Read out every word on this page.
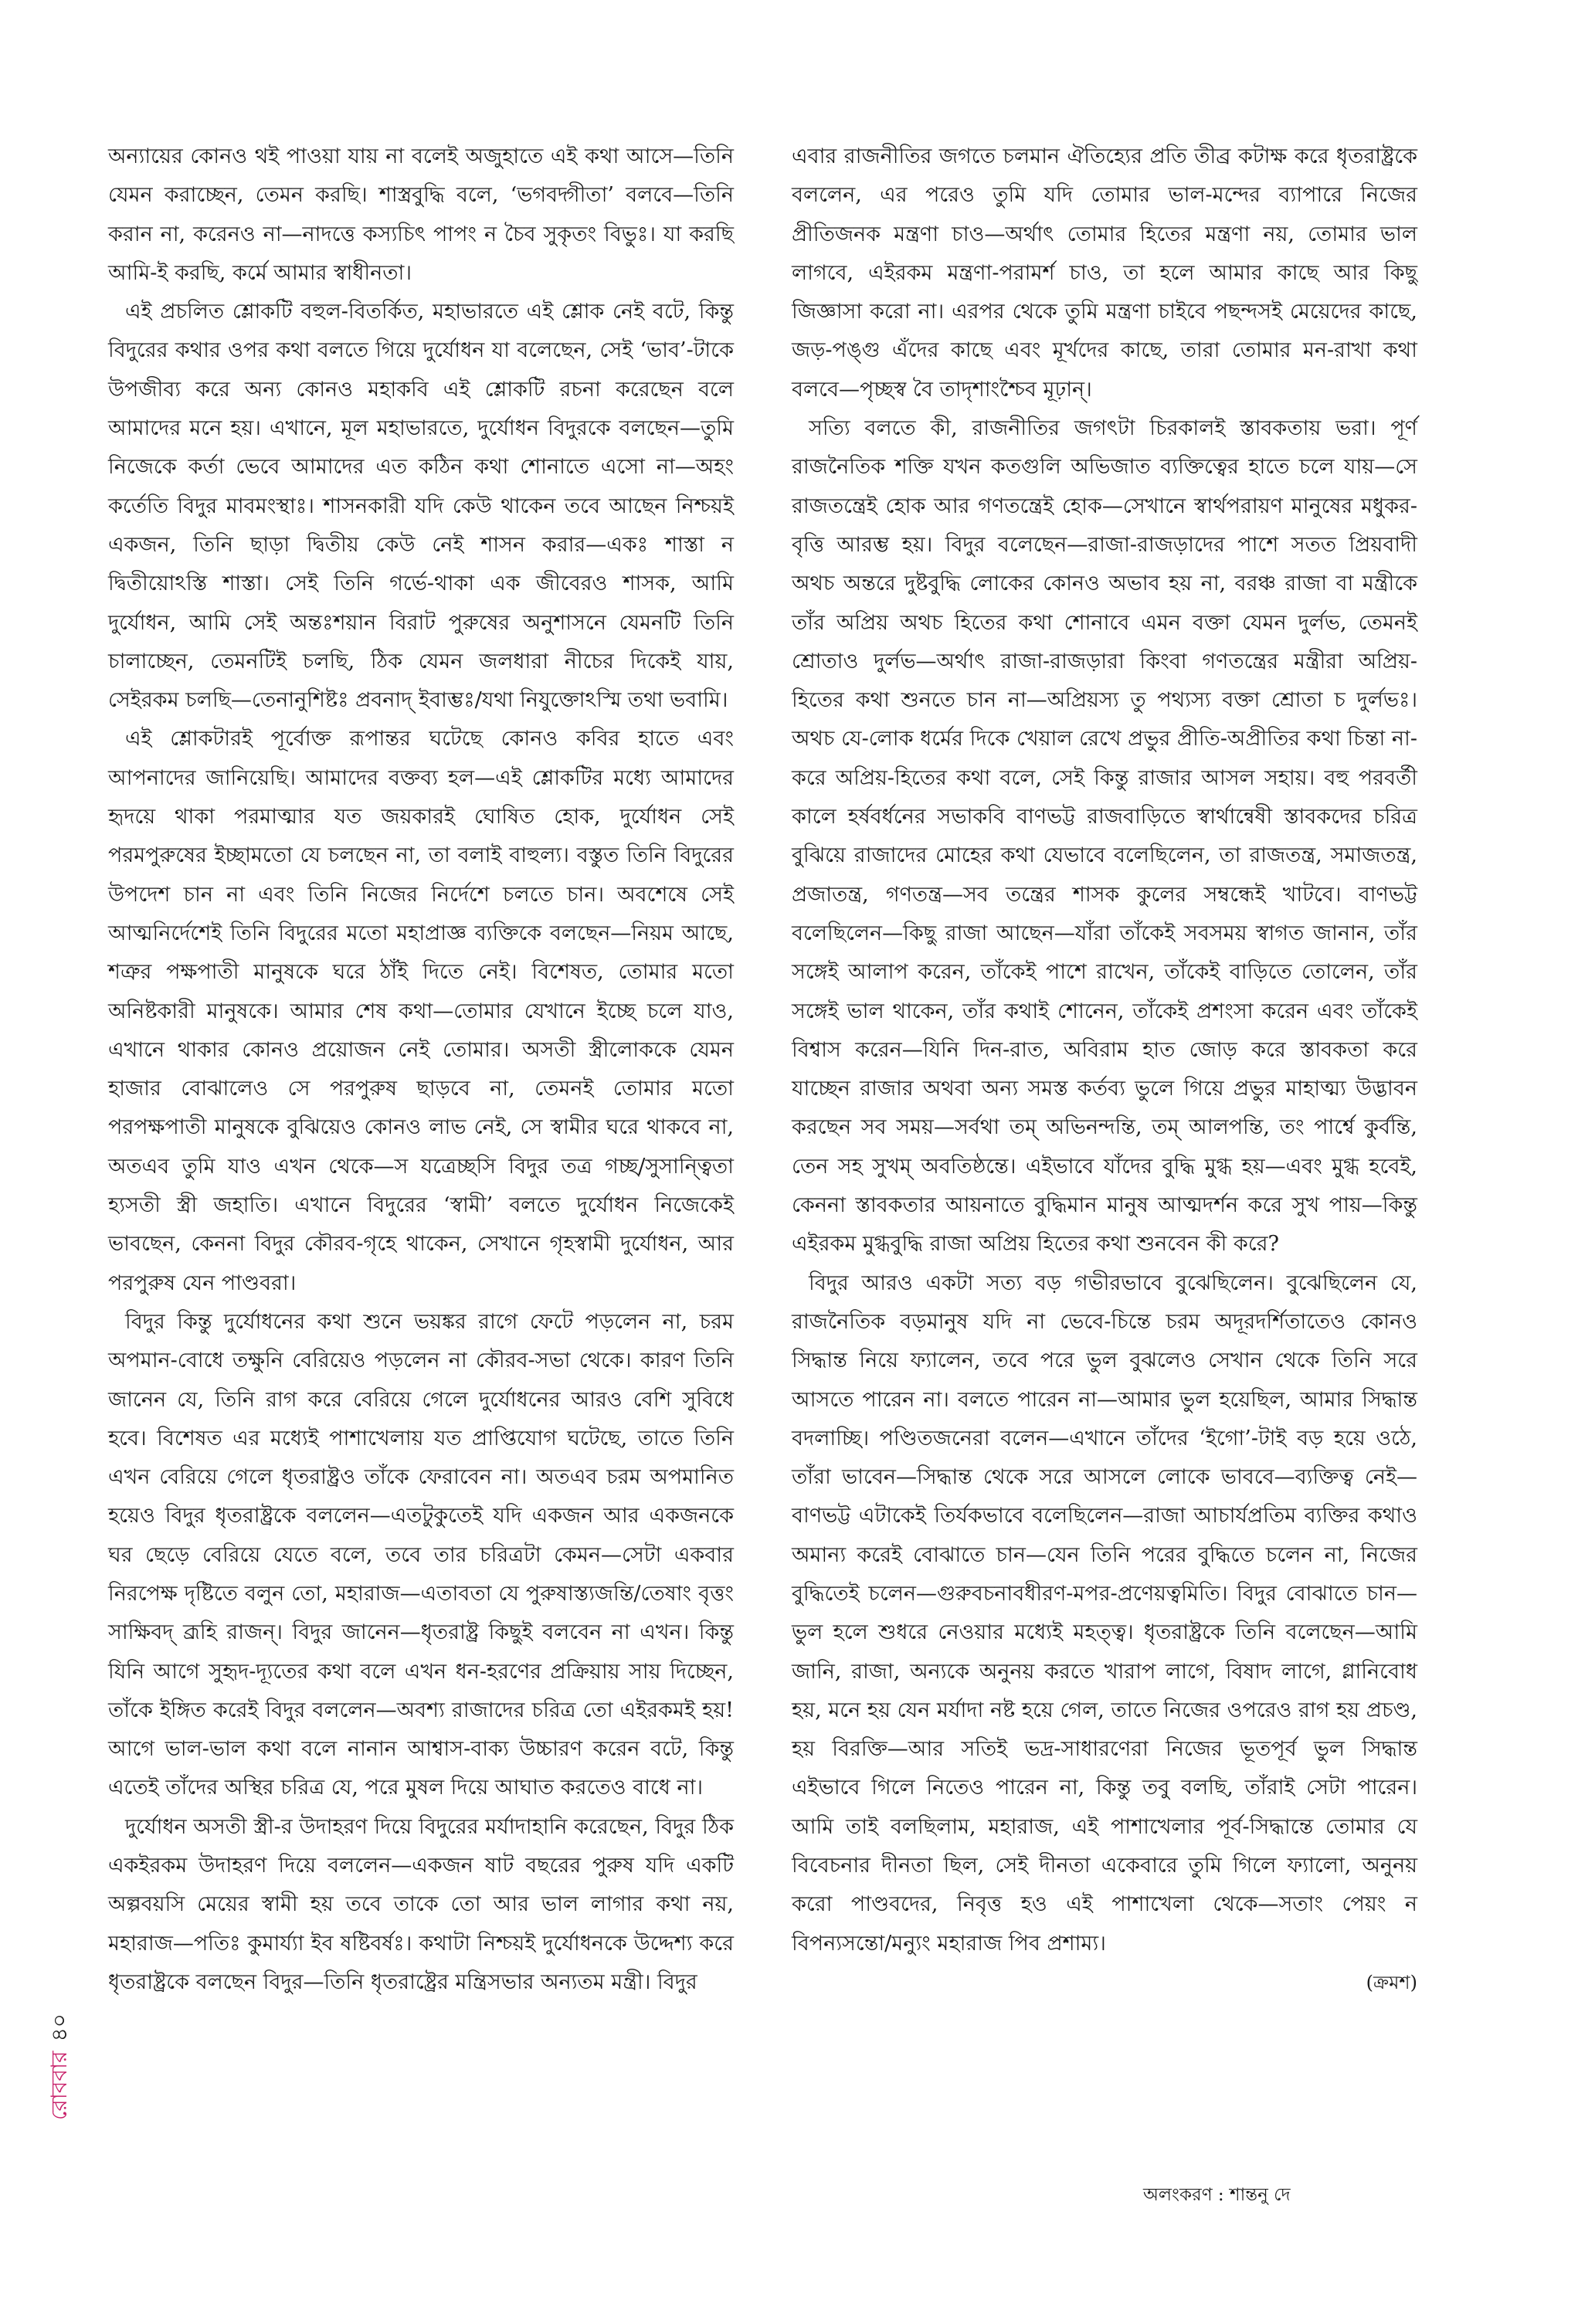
অন্যায়ের কোনও থই পাওয়া যায় না বলেই অজুহাতে এই কথা আসে—তিনি যেমন করাচ্ছেন, তেমন করছি। শাস্ত্রবুদ্ধি বলে, ‘ভগবদ্গীতা’ বলবে—তিনি করান না, করেনও না—নাদত্তে কস্যচিৎ পাপং ন চৈব সুকৃতং বিভুঃ। যা করছি আমি-ই করছি, কর্মে আমার স্বাধীনতা।

এই প্রচলিত শ্লোকটি বহুল-বিতর্কিত, মহাভারতে এই শ্লোক নেই বটে, কিন্তু বিদুরের কথার ওপর কথা বলতে গিয়ে দুর্যোধন যা বলেছেন, সেই ‘ভাব’-টাকে উপজীব্য করে অন্য কোনও মহাকবি এই শ্লোকটি রচনা করেছেন বলে আমাদের মনে হয়। এখানে, মূল মহাভারতে, দুর্যোধন বিদুরকে বলছেন—তুমি নিজেকে কর্তা ভেবে আমাদের এত কঠিন কথা শোনাতে এসো না—অহং কর্তেতি বিদুর মাবমংস্থাঃ। শাসনকারী যদি কেউ থাকেন তবে আছেন নিশ্চয়ই একজন, তিনি ছাড়া দ্বিতীয় কেউ নেই শাসন করার—একঃ শাস্তা ন দ্বিতীয়োঽস্তি শাস্তা। সেই তিনি গর্ভে-থাকা এক জীবেরও শাসক, আমি দুর্যোধন, আমি সেই অন্তঃশয়ান বিরাট পুরুষের অনুশাসনে যেমনটি তিনি চালাচ্ছেন, তেমনটিই চলছি, ঠিক যেমন জলধারা নীচের দিকেই যায়, সেইরকম চলছি—তেনানুশিষ্টঃ প্রবনাদ্‌ ইবাম্ভঃ/যথা নিযুক্তোঽস্মি তথা ভবামি।

এই শ্লোকটারই পূর্বোক্ত রূপান্তর ঘটেছে কোনও কবির হাতে এবং আপনাদের জানিয়েছি। আমাদের বক্তব্য হল—এই শ্লোকটির মধ্যে আমাদের হৃদয়ে থাকা পরমাত্মার যত জয়কারই ঘোষিত হোক, দুর্যোধন সেই পরমপুরুষের ইচ্ছামতো যে চলছেন না, তা বলাই বাহুল্য। বস্তুত তিনি বিদুরের উপদেশ চান না এবং তিনি নিজের নির্দেশে চলতে চান। অবশেষে সেই আত্মনির্দেশেই তিনি বিদুরের মতো মহাপ্রাজ্ঞ ব্যক্তিকে বলছেন—নিয়ম আছে, শত্রুর পক্ষপাতী মানুষকে ঘরে ঠাঁই দিতে নেই। বিশেষত, তোমার মতো অনিষ্টকারী মানুষকে। আমার শেষ কথা—তোমার যেখানে ইচ্ছে চলে যাও, এখানে থাকার কোনও প্রয়োজন নেই তোমার। অসতী স্ত্রীলোককে যেমন হাজার বোঝালেও সে পরপুরুষ ছাড়বে না, তেমনই তোমার মতো পরপক্ষপাতী মানুষকে বুঝিয়েও কোনও লাভ নেই, সে স্বামীর ঘরে থাকবে না, অতএব তুমি যাও এখন থেকে—স যত্রেচ্ছসি বিদুর তত্র গচ্ছ/সুসান্ত্বিতা হ্যসতী স্ত্রী জহাতি। এখানে বিদুরের ‘স্বামী’ বলতে দুর্যোধন নিজেকেই ভাবছেন, কেননা বিদুর কৌরব-গৃহে থাকেন, সেখানে গৃহস্বামী দুর্যোধন, আর পরপুরুষ যেন পাণ্ডবরা।

বিদুর কিন্তু দুর্যোধনের কথা শুনে ভয়ঙ্কর রাগে ফেটে পড়লেন না, চরম অপমান-বোধে তক্ষুনি বেরিয়েও পড়লেন না কৌরব-সভা থেকে। কারণ তিনি জানেন যে, তিনি রাগ করে বেরিয়ে গেলে দুর্যোধনের আরও বেশি সুবিধে হবে। বিশেষত এর মধ্যেই পাশাখেলায় যত প্রাপ্তিযোগ ঘটেছে, তাতে তিনি এখন বেরিয়ে গেলে ধৃতরাষ্ট্রও তাঁকে ফেরাবেন না। অতএব চরম অপমানিত হয়েও বিদুর ধৃতরাষ্ট্রকে বললেন—এতটুকুতেই যদি একজন আর একজনকে ঘর ছেড়ে বেরিয়ে যেতে বলে, তবে তার চরিত্রটা কেমন—সেটা একবার নিরপেক্ষ দৃষ্টিতে বলুন তো, মহারাজ—এতাবতা যে পুরুষাস্ত্যজন্তি/তেষাং বৃত্তং সাক্ষিবদ্‌ ব্রূহি রাজন্‌। বিদুর জানেন—ধৃতরাষ্ট্র কিছুই বলবেন না এখন। কিন্তু যিনি আগে সুহৃদ-দ্যূতের কথা বলে এখন ধন-হরণের প্রক্রিয়ায় সায় দিচ্ছেন, তাঁকে ইঙ্গিত করেই বিদুর বললেন—অবশ্য রাজাদের চরিত্র তো এইরকমই হয়! আগে ভাল-ভাল কথা বলে নানান আশ্বাস-বাক্য উচ্চারণ করেন বটে, কিন্তু এতেই তাঁদের অস্থির চরিত্র যে, পরে মুষল দিয়ে আঘাত করতেও বাধে না।

দুর্যোধন অসতী স্ত্রী-র উদাহরণ দিয়ে বিদুরের মর্যাদাহানি করেছেন, বিদুর ঠিক একইরকম উদাহরণ দিয়ে বললেন—একজন ষাট বছরের পুরুষ যদি একটি অল্পবয়সি মেয়ের স্বামী হয় তবে তাকে তো আর ভাল লাগার কথা নয়, মহারাজ—পতিঃ কুমার্য্যা ইব ষষ্টিবর্ষঃ। কথাটা নিশ্চয়ই দুর্যোধনকে উদ্দেশ্য করে ধৃতরাষ্ট্রকে বলছেন বিদুর—তিনি ধৃতরাষ্ট্রের মন্ত্রিসভার অন্যতম মন্ত্রী। বিদুর

এবার রাজনীতির জগতে চলমান ঐতিহ্যের প্রতি তীব্র কটাক্ষ করে ধৃতরাষ্ট্রকে বললেন, এর পরেও তুমি যদি তোমার ভাল-মন্দের ব্যাপারে নিজের প্রীতিজনক মন্ত্রণা চাও—অর্থাৎ তোমার হিতের মন্ত্রণা নয়, তোমার ভাল লাগবে, এইরকম মন্ত্রণা-পরামর্শ চাও, তা হলে আমার কাছে আর কিছু জিজ্ঞাসা করো না। এরপর থেকে তুমি মন্ত্রণা চাইবে পছন্দসই মেয়েদের কাছে, জড়-পঙ্গু এঁদের কাছে এবং মূর্খদের কাছে, তারা তোমার মন-রাখা কথা বলবে—পৃচ্ছস্ব বৈ তাদৃশাংশ্চৈব মূঢ়ান্‌।

সত্যি বলতে কী, রাজনীতির জগৎটা চিরকালই স্তাবকতায় ভরা। পূর্ণ রাজনৈতিক শক্তি যখন কতগুলি অভিজাত ব্যক্তিত্বের হাতে চলে যায়—সে রাজতন্ত্রেই হোক আর গণতন্ত্রেই হোক—সেখানে স্বার্থপরায়ণ মানুষের মধুকর-বৃত্তি আরম্ভ হয়। বিদুর বলেছেন—রাজা-রাজড়াদের পাশে সতত প্রিয়বাদী অথচ অন্তরে দুষ্টবুদ্ধি লোকের কোনও অভাব হয় না, বরঞ্চ রাজা বা মন্ত্রীকে তাঁর অপ্রিয় অথচ হিতের কথা শোনাবে এমন বক্তা যেমন দুর্লভ, তেমনই শ্রোতাও দুর্লভ—অর্থাৎ রাজা-রাজড়ারা কিংবা গণতন্ত্রের মন্ত্রীরা অপ্রিয়-হিতের কথা শুনতে চান না—অপ্রিয়স্য তু পথ্যস্য বক্তা শ্রোতা চ দুর্লভঃ। অথচ যে-লোক ধর্মের দিকে খেয়াল রেখে প্রভুর প্রীতি-অপ্রীতির কথা চিন্তা না-করে অপ্রিয়-হিতের কথা বলে, সেই কিন্তু রাজার আসল সহায়। বহু পরবর্তী কালে হর্ষবর্ধনের সভাকবি বাণভট্ট রাজবাড়িতে স্বার্থান্বেষী স্তাবকদের চরিত্র বুঝিয়ে রাজাদের মোহের কথা যেভাবে বলেছিলেন, তা রাজতন্ত্র, সমাজতন্ত্র, প্রজাতন্ত্র, গণতন্ত্র—সব তন্ত্রের শাসক কুলের সম্বন্ধেই খাটবে। বাণভট্ট বলেছিলেন—কিছু রাজা আছেন—যাঁরা তাঁকেই সবসময় স্বাগত জানান, তাঁর সঙ্গেই আলাপ করেন, তাঁকেই পাশে রাখেন, তাঁকেই বাড়িতে তোলেন, তাঁর সঙ্গেই ভাল থাকেন, তাঁর কথাই শোনেন, তাঁকেই প্রশংসা করেন এবং তাঁকেই বিশ্বাস করেন—যিনি দিন-রাত, অবিরাম হাত জোড় করে স্তাবকতা করে যাচ্ছেন রাজার অথবা অন্য সমস্ত কর্তব্য ভুলে গিয়ে প্রভুর মাহাত্ম্য উদ্ভাবন করছেন সব সময়—সর্বথা তম্‌ অভিনন্দন্তি, তম্‌ আলপন্তি, তং পার্শ্বে কুর্বন্তি, তেন সহ সুখম্‌ অবতিষ্ঠন্তে। এইভাবে যাঁদের বুদ্ধি মুগ্ধ হয়—এবং মুগ্ধ হবেই, কেননা স্তাবকতার আয়নাতে বুদ্ধিমান মানুষ আত্মদর্শন করে সুখ পায়—কিন্তু এইরকম মুগ্ধবুদ্ধি রাজা অপ্রিয় হিতের কথা শুনবেন কী করে?

বিদুর আরও একটা সত্য বড় গভীরভাবে বুঝেছিলেন। বুঝেছিলেন যে, রাজনৈতিক বড়মানুষ যদি না ভেবে-চিন্তে চরম অদূরদর্শিতাতেও কোনও সিদ্ধান্ত নিয়ে ফ্যালেন, তবে পরে ভুল বুঝলেও সেখান থেকে তিনি সরে আসতে পারেন না। বলতে পারেন না—আমার ভুল হয়েছিল, আমার সিদ্ধান্ত বদলাচ্ছি। পণ্ডিতজনেরা বলেন—এখানে তাঁদের ‘ইগো’-টাই বড় হয়ে ওঠে, তাঁরা ভাবেন—সিদ্ধান্ত থেকে সরে আসলে লোকে ভাববে—ব্যক্তিত্ব নেই—বাণভট্ট এটাকেই তির্যকভাবে বলেছিলেন—রাজা আচার্যপ্রতিম ব্যক্তির কথাও অমান্য করেই বোঝাতে চান—যেন তিনি পরের বুদ্ধিতে চলেন না, নিজের বুদ্ধিতেই চলেন—গুরুবচনাবধীরণ-মপর-প্রণেয়ত্বমিতি। বিদুর বোঝাতে চান—ভুল হলে শুধরে নেওয়ার মধ্যেই মহত্ত্ব। ধৃতরাষ্ট্রকে তিনি বলেছেন—আমি জানি, রাজা, অন্যকে অনুনয় করতে খারাপ লাগে, বিষাদ লাগে, গ্লানিবোধ হয়, মনে হয় যেন মর্যাদা নষ্ট হয়ে গেল, তাতে নিজের ওপরেও রাগ হয় প্রচণ্ড, হয় বিরক্তি—আর সতিই ভদ্র-সাধারণেরা নিজের ভূতপূর্ব ভুল সিদ্ধান্ত এইভাবে গিলে নিতেও পারেন না, কিন্তু তবু বলছি, তাঁরাই সেটা পারেন। আমি তাই বলছিলাম, মহারাজ, এই পাশাখেলার পূর্ব-সিদ্ধান্তে তোমার যে বিবেচনার দীনতা ছিল, সেই দীনতা একেবারে তুমি গিলে ফ্যালো, অনুনয় করো পাণ্ডবদের, নিবৃত্ত হও এই পাশাখেলা থেকে—সতাং পেয়ং ন বিপন্যসন্তো/মন্যুং মহারাজ পিব প্রশাম্য।

(ক্রমশ)

অলংকরণ : শান্তনু দে
রোববার৪০
